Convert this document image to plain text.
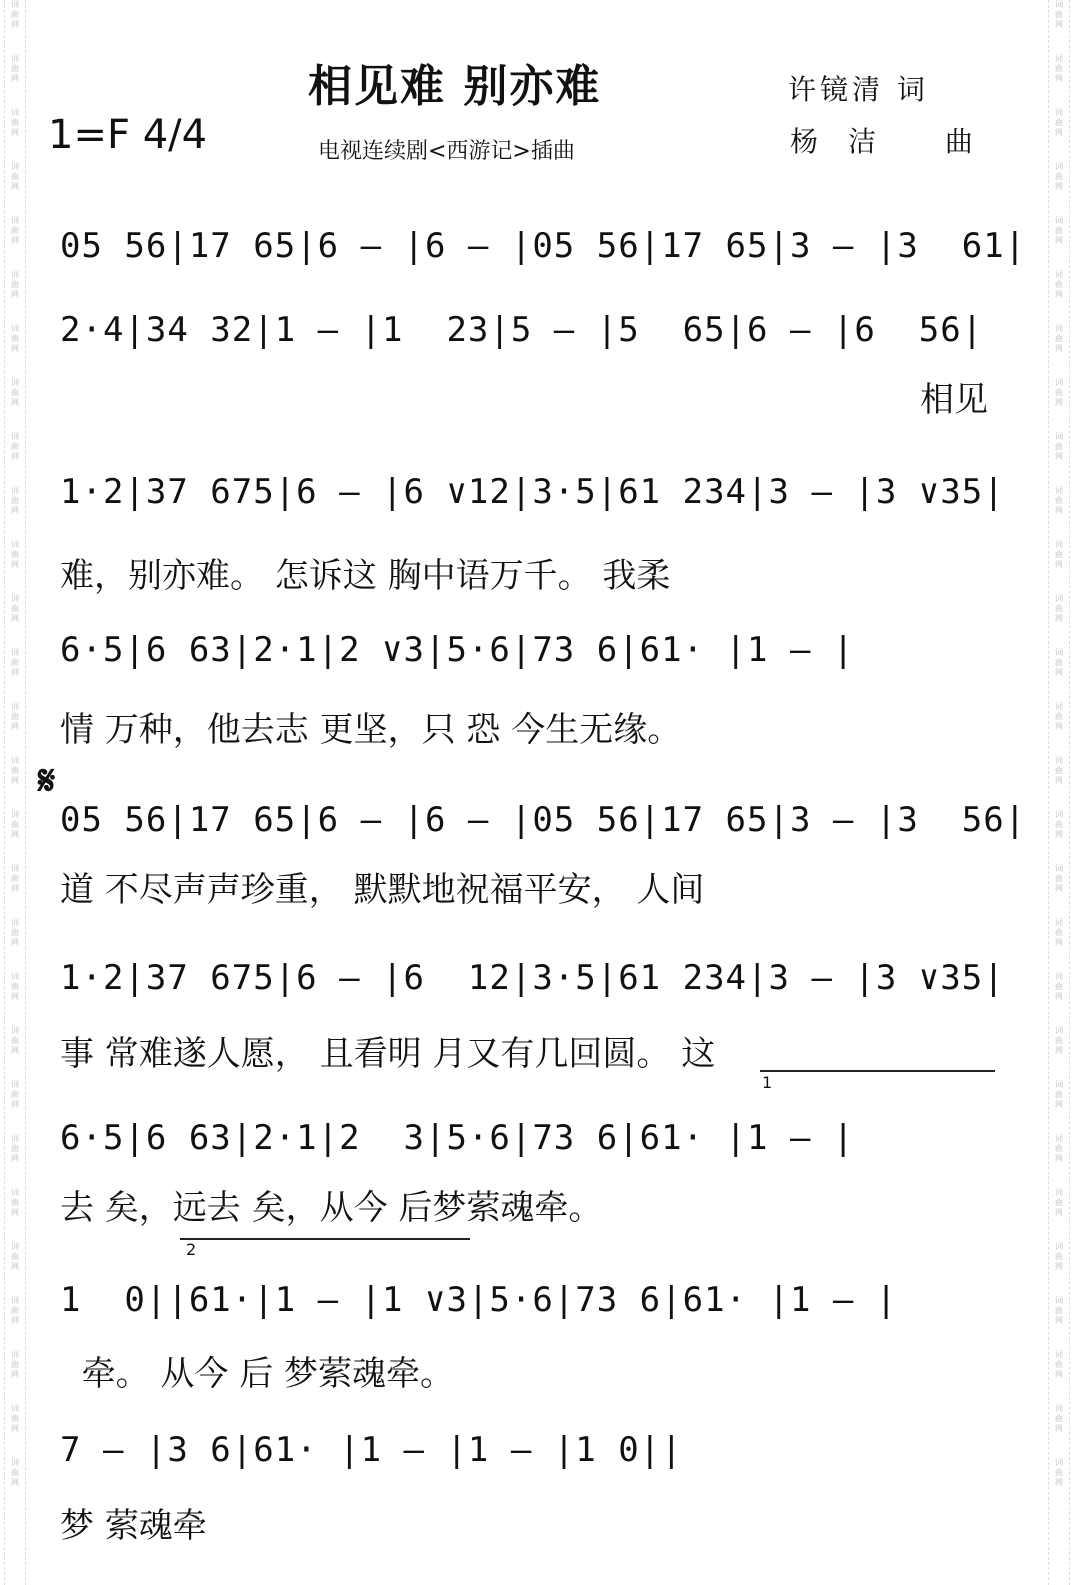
词
曲
网
词
曲
网
词
曲
网
词
曲
网
词
曲
网
词
曲
网
词
曲
网
词
曲
网
词
曲
网
词
曲
网
词
曲
网
词
曲
网
词
曲
网
词
曲
网
词
曲
网
词
曲
网
词
曲
网
词
曲
网
词
曲
网
词
曲
网
词
曲
网
词
曲
网
词
曲
网
词
曲
网
词
曲
网
词
曲
网
词
曲
网
词
曲
网
词
曲
网
词
曲
网
词
曲
网
词
曲
网
词
曲
网
词
曲
网
词
曲
网
词
曲
网
词
曲
网
词
曲
网
词
曲
网
词
曲
网
词
曲
网
词
曲
网
词
曲
网
词
曲
网
词
曲
网
词
曲
网
词
曲
网
词
曲
网
词
曲
网
词
曲
网
词
曲
网
词
曲
网
词
曲
网
词
曲
网
词
曲
网
词
曲
网
相见难 别亦难
1=F 4/4	电视连续剧<西游记>插曲
许镜清 词
杨洁 曲
05 56|17 65|6 — |6 — |05 56|17 65|3 — |3  61|
2·4|34 32|1 — |1  23|5 — |5  65|6 — |6  56|
相见
1·2|37 675|6 — |6 ∨12|3·5|61 234|3 — |3 ∨35|
难，别亦难。 怎诉这 胸中语万千。 我柔
6·5|6 63|2·1|2 ∨3|5·6|73 6|61· |1 — |
情 万种，他去志 更坚，只 恐 今生无缘。
𝄋
05 56|17 65|6 — |6 — |05 56|17 65|3 — |3  56|
道 不尽声声珍重， 默默地祝福平安， 人间
1·2|37 675|6 — |6  12|3·5|61 234|3 — |3 ∨35|
事 常难遂人愿， 且看明 月又有几回圆。 这
1
6·5|6 63|2·1|2  3|5·6|73 6|61· |1 — |
去 矣，远去 矣，从今 后梦萦魂牵。
2
1  0||61·|1 — |1 ∨3|5·6|73 6|61· |1 — |
牵。 从今 后 梦萦魂牵。
7 — |3 6|61· |1 — |1 — |1 0||
梦 萦魂牵
